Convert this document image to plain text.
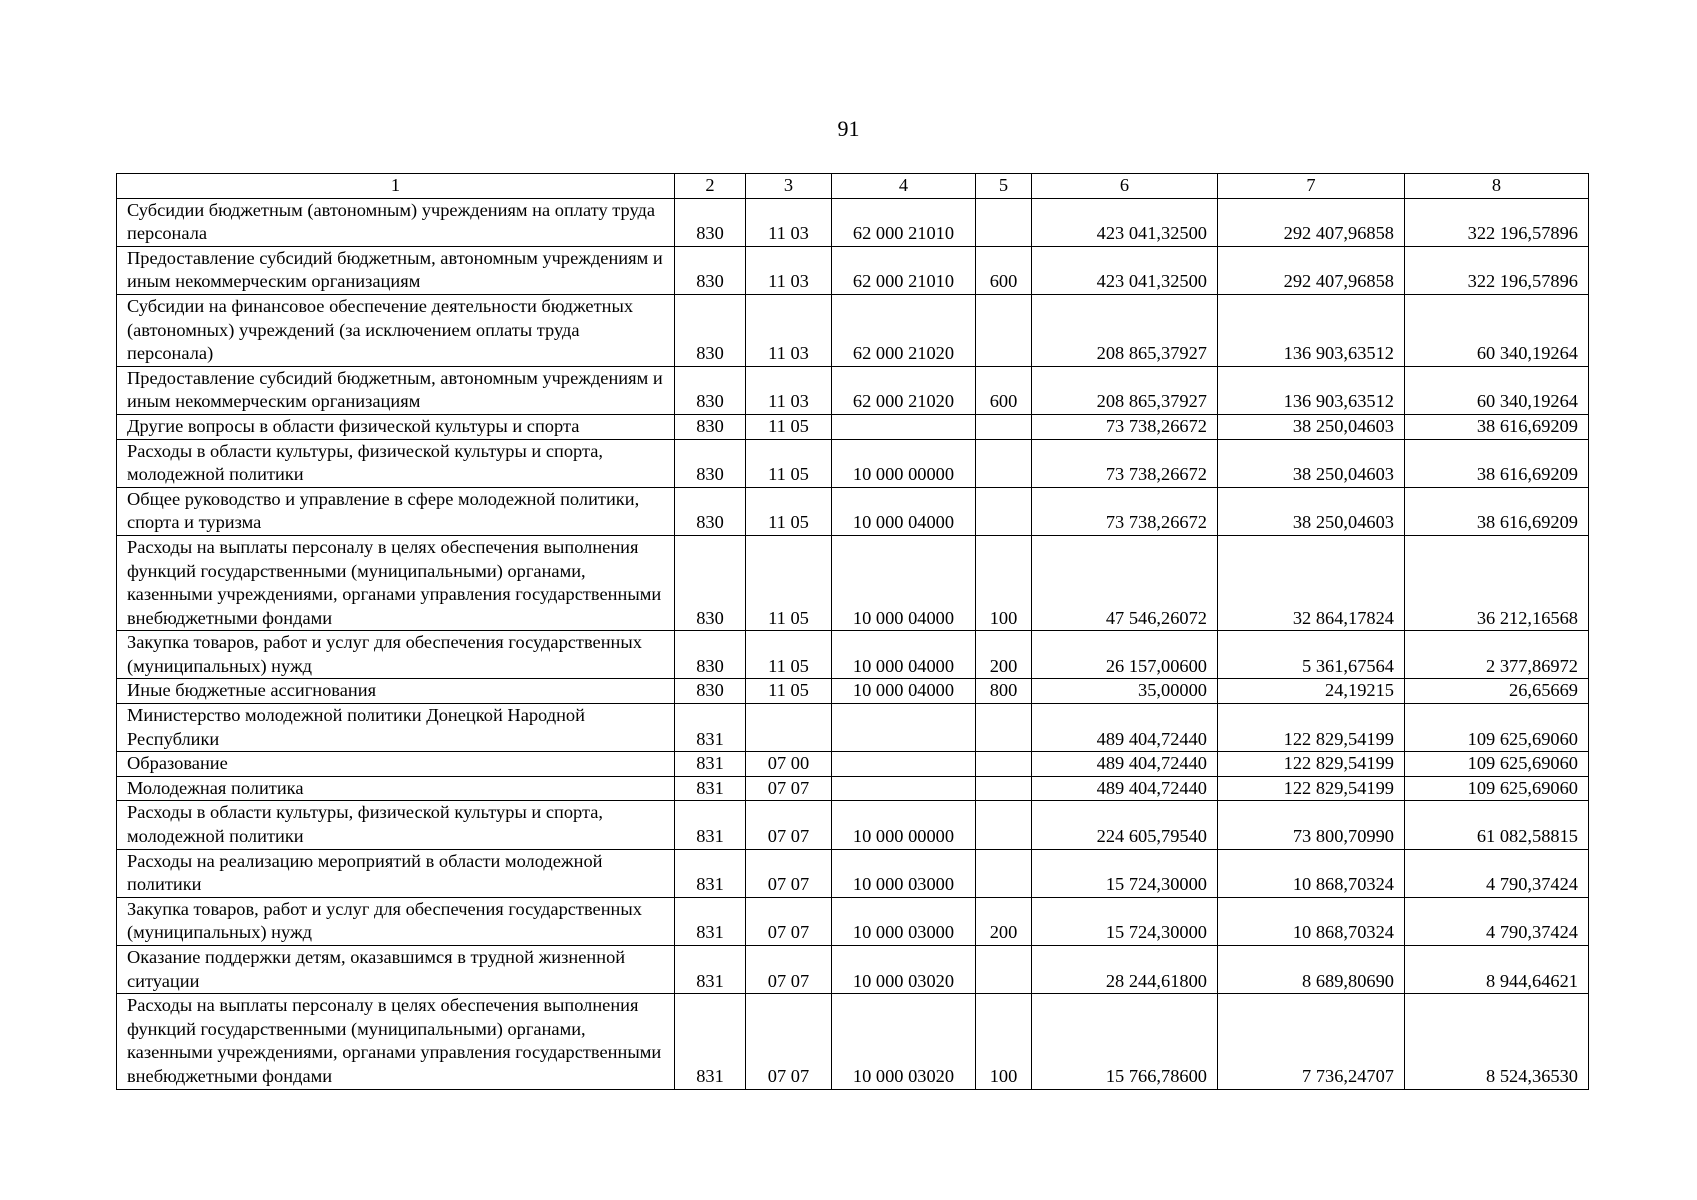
91
1	2	3	4	5	6	7	8
Субсидии бюджетным (автономным) учреждениям на оплату труда персонала	830	11 03	62 000 21010		423 041,32500	292 407,96858	322 196,57896
Предоставление субсидий бюджетным, автономным учреждениям и иным некоммерческим организациям	830	11 03	62 000 21010	600	423 041,32500	292 407,96858	322 196,57896
Субсидии на финансовое обеспечение деятельности бюджетных (автономных) учреждений (за исключением оплаты труда персонала)	830	11 03	62 000 21020		208 865,37927	136 903,63512	60 340,19264
Предоставление субсидий бюджетным, автономным учреждениям и иным некоммерческим организациям	830	11 03	62 000 21020	600	208 865,37927	136 903,63512	60 340,19264
Другие вопросы в области физической культуры и спорта	830	11 05			73 738,26672	38 250,04603	38 616,69209
Расходы в области культуры, физической культуры и спорта, молодежной политики	830	11 05	10 000 00000		73 738,26672	38 250,04603	38 616,69209
Общее руководство и управление в сфере молодежной политики, спорта и туризма	830	11 05	10 000 04000		73 738,26672	38 250,04603	38 616,69209
Расходы на выплаты персоналу в целях обеспечения выполнения функций государственными (муниципальными) органами, казенными учреждениями, органами управления государственными внебюджетными фондами	830	11 05	10 000 04000	100	47 546,26072	32 864,17824	36 212,16568
Закупка товаров, работ и услуг для обеспечения государственных (муниципальных) нужд	830	11 05	10 000 04000	200	26 157,00600	5 361,67564	2 377,86972
Иные бюджетные ассигнования	830	11 05	10 000 04000	800	35,00000	24,19215	26,65669
Министерство молодежной политики Донецкой Народной Республики	831				489 404,72440	122 829,54199	109 625,69060
Образование	831	07 00			489 404,72440	122 829,54199	109 625,69060
Молодежная политика	831	07 07			489 404,72440	122 829,54199	109 625,69060
Расходы в области культуры, физической культуры и спорта, молодежной политики	831	07 07	10 000 00000		224 605,79540	73 800,70990	61 082,58815
Расходы на реализацию мероприятий в области молодежной политики	831	07 07	10 000 03000		15 724,30000	10 868,70324	4 790,37424
Закупка товаров, работ и услуг для обеспечения государственных (муниципальных) нужд	831	07 07	10 000 03000	200	15 724,30000	10 868,70324	4 790,37424
Оказание поддержки детям, оказавшимся в трудной жизненной ситуации	831	07 07	10 000 03020		28 244,61800	8 689,80690	8 944,64621
Расходы на выплаты персоналу в целях обеспечения выполнения функций государственными (муниципальными) органами, казенными учреждениями, органами управления государственными внебюджетными фондами	831	07 07	10 000 03020	100	15 766,78600	7 736,24707	8 524,36530
